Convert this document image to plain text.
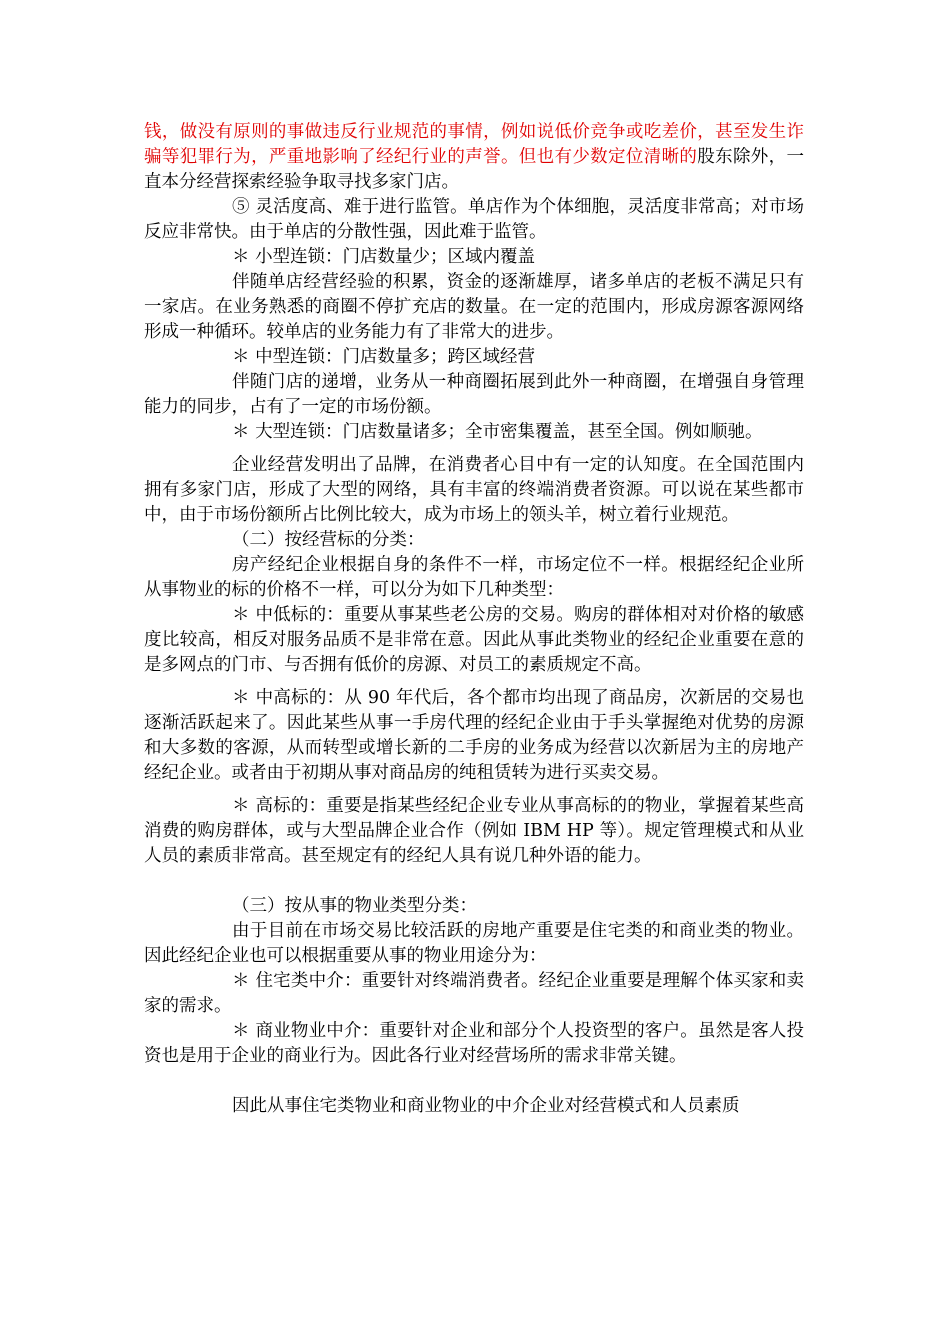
钱，做没有原则的事做违反行业规范的事情，例如说低价竞争或吃差价，甚至发生诈骗等犯罪行为，严重地影响了经纪行业的声誉。但也有少数定位清晰的股东除外，一直本分经营探索经验争取寻找多家门店。

⑤ 灵活度高、难于进行监管。单店作为个体细胞，灵活度非常高；对市场反应非常快。由于单店的分散性强，因此难于监管。

＊ 小型连锁：门店数量少；区域内覆盖

伴随单店经营经验的积累，资金的逐渐雄厚，诸多单店的老板不满足只有一家店。在业务熟悉的商圈不停扩充店的数量。在一定的范围内，形成房源客源网络形成一种循环。较单店的业务能力有了非常大的进步。

＊ 中型连锁：门店数量多；跨区域经营

伴随门店的递增，业务从一种商圈拓展到此外一种商圈，在增强自身管理能力的同步，占有了一定的市场份额。

＊ 大型连锁：门店数量诸多；全市密集覆盖，甚至全国。例如顺驰。

企业经营发明出了品牌，在消费者心目中有一定的认知度。在全国范围内拥有多家门店，形成了大型的网络，具有丰富的终端消费者资源。可以说在某些都市中，由于市场份额所占比例比较大，成为市场上的领头羊，树立着行业规范。

（二）按经营标的分类：

房产经纪企业根据自身的条件不一样，市场定位不一样。根据经纪企业所从事物业的标的价格不一样，可以分为如下几种类型：

＊ 中低标的：重要从事某些老公房的交易。购房的群体相对对价格的敏感度比较高，相反对服务品质不是非常在意。因此从事此类物业的经纪企业重要在意的是多网点的门市、与否拥有低价的房源、对员工的素质规定不高。

＊ 中高标的：从 90 年代后，各个都市均出现了商品房，次新居的交易也逐渐活跃起来了。因此某些从事一手房代理的经纪企业由于手头掌握绝对优势的房源和大多数的客源，从而转型或增长新的二手房的业务成为经营以次新居为主的房地产经纪企业。或者由于初期从事对商品房的纯租赁转为进行买卖交易。

＊ 高标的：重要是指某些经纪企业专业从事高标的的物业，掌握着某些高消费的购房群体，或与大型品牌企业合作（例如 IBM HP 等）。规定管理模式和从业人员的素质非常高。甚至规定有的经纪人具有说几种外语的能力。

（三）按从事的物业类型分类：

由于目前在市场交易比较活跃的房地产重要是住宅类的和商业类的物业。因此经纪企业也可以根据重要从事的物业用途分为：

＊ 住宅类中介：重要针对终端消费者。经纪企业重要是理解个体买家和卖家的需求。

＊ 商业物业中介：重要针对企业和部分个人投资型的客户。虽然是客人投资也是用于企业的商业行为。因此各行业对经营场所的需求非常关键。

因此从事住宅类物业和商业物业的中介企业对经营模式和人员素质
